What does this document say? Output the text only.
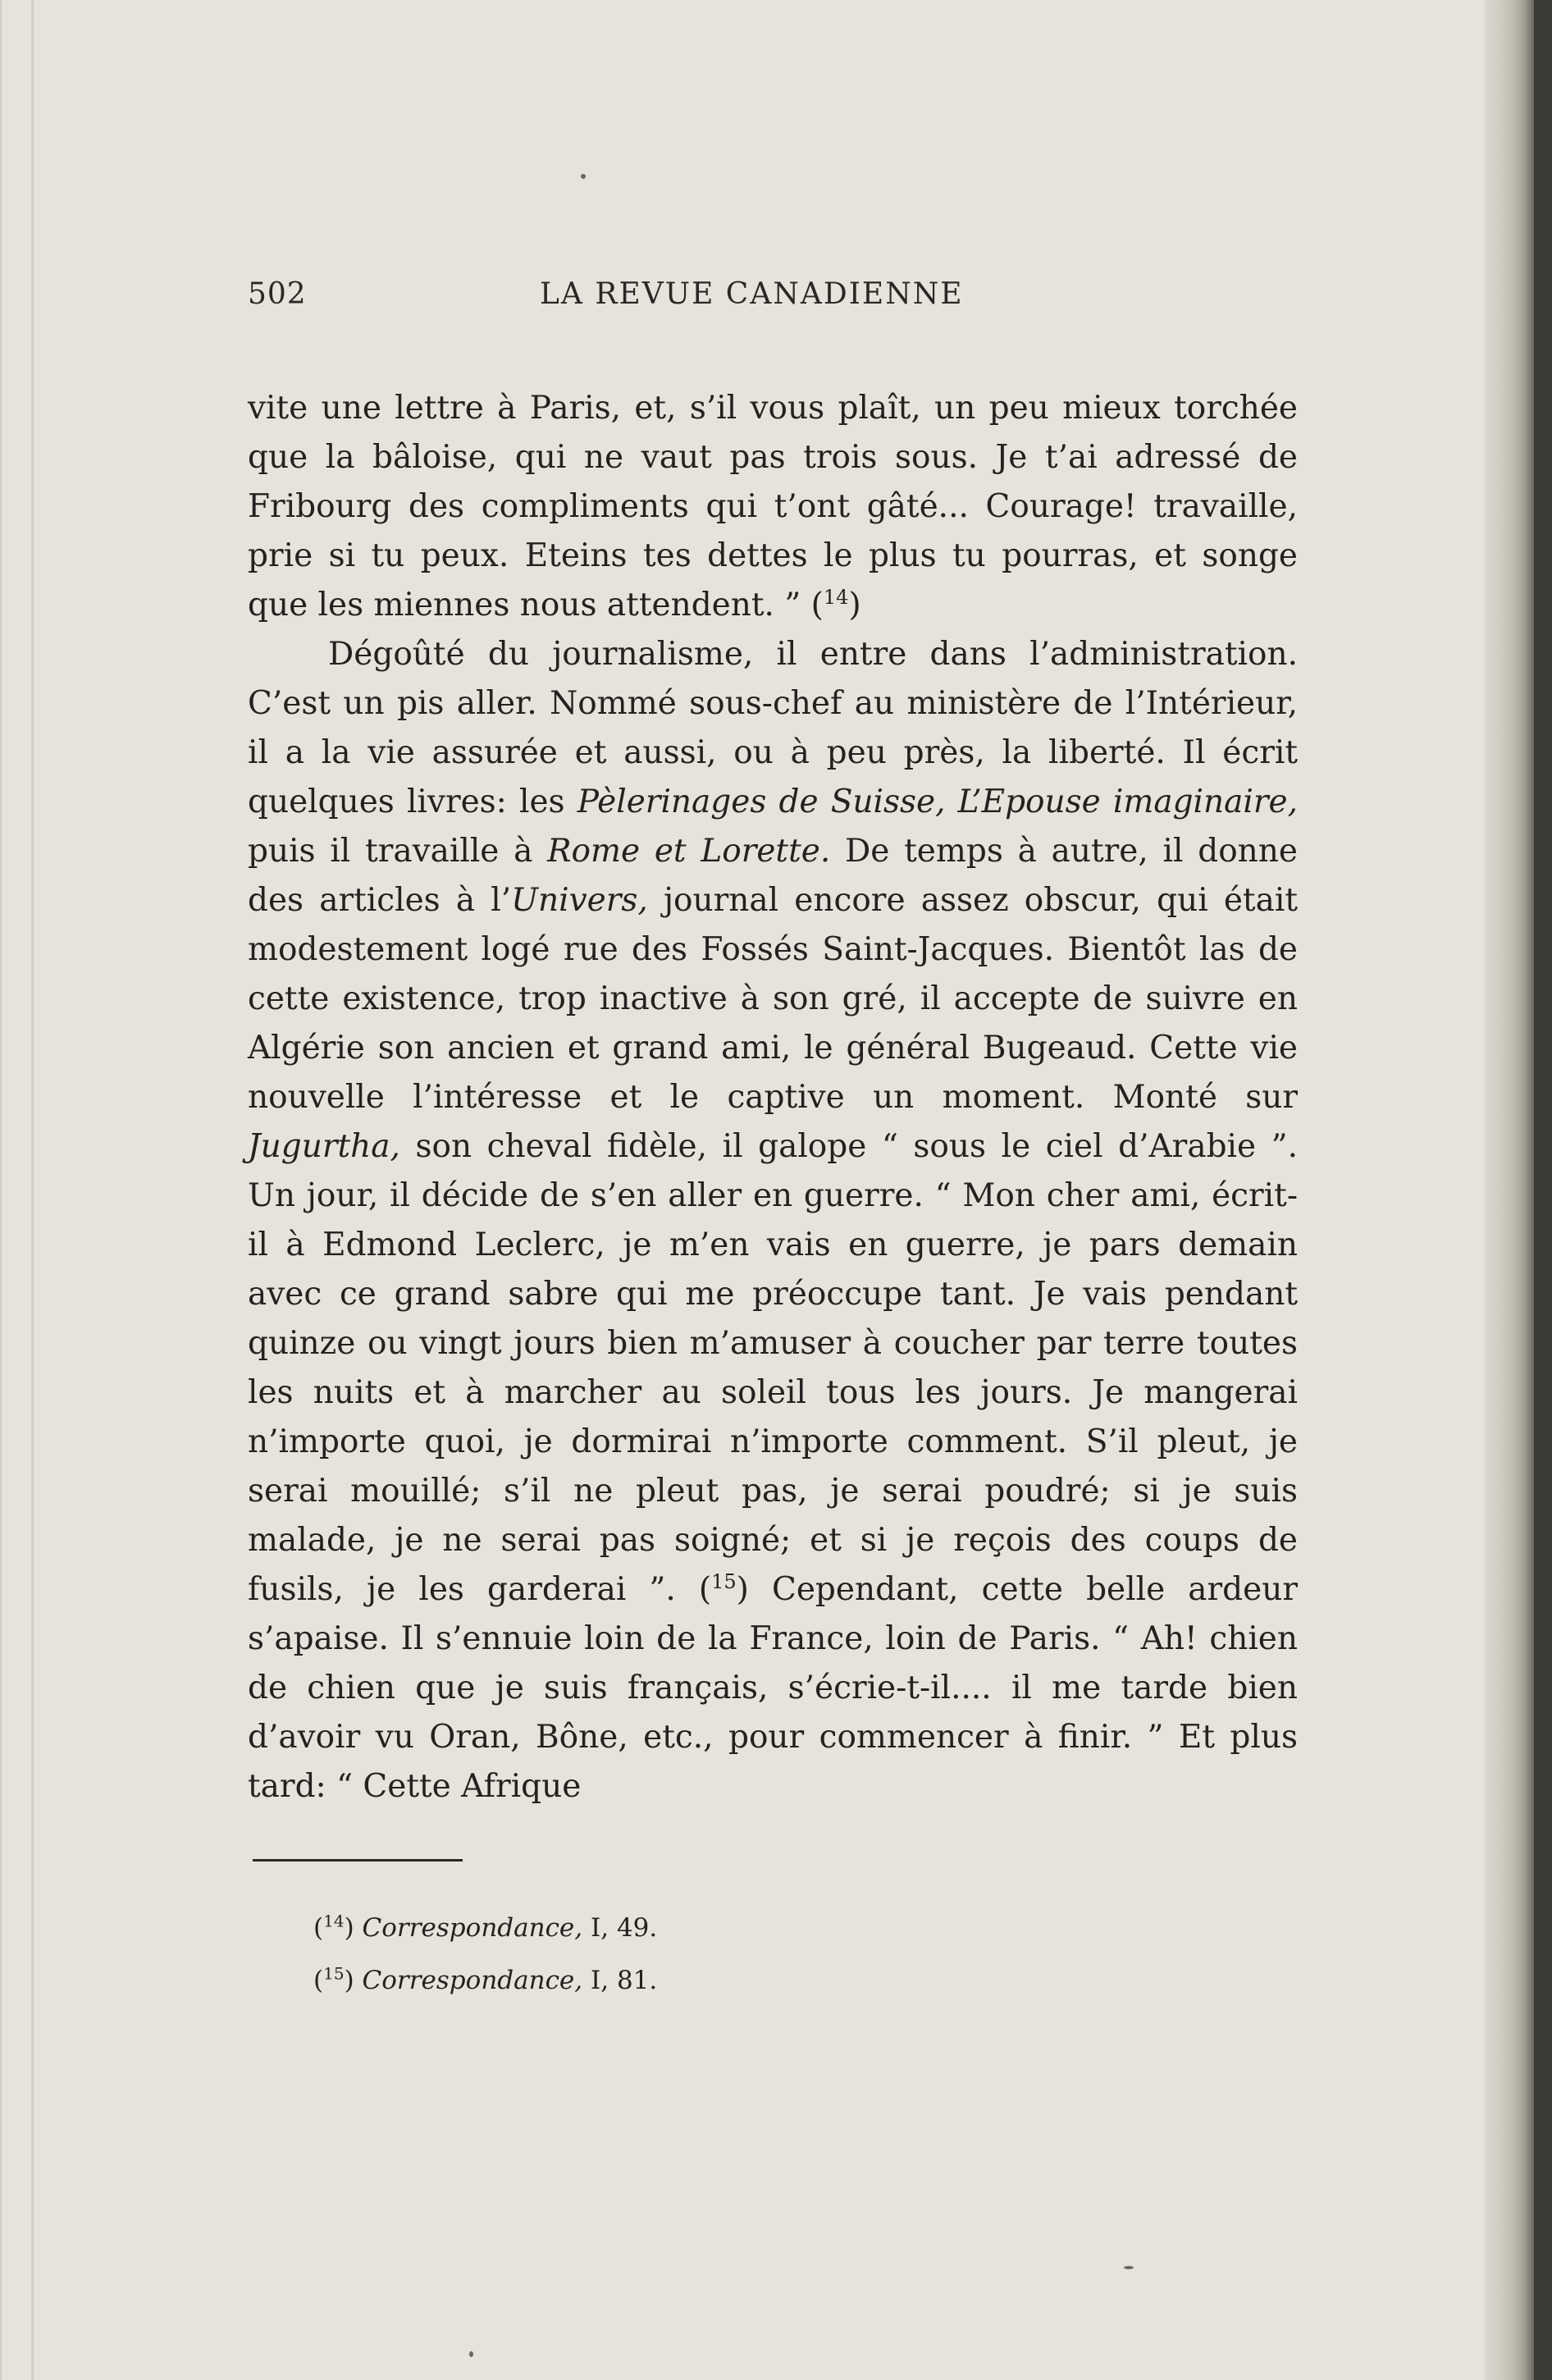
502	LA REVUE CANADIENNE

vite une lettre à Paris, et, s’il vous plaît, un peu mieux torchée que la bâloise, qui ne vaut pas trois sous. Je t’ai adressé de Fribourg des compliments qui t’ont gâté... Courage! travaille, prie si tu peux. Eteins tes dettes le plus tu pourras, et songe que les miennes nous attendent. ” ($^{14}$)

Dégoûté du journalisme, il entre dans l’administration. C’est un pis aller. Nommé sous-chef au ministère de l’Intérieur, il a la vie assurée et aussi, ou à peu près, la liberté. Il écrit quelques livres: les Pèlerinages de Suisse, L’Epouse imaginaire, puis il travaille à Rome et Lorette. De temps à autre, il donne des articles à l’Univers, journal encore assez obscur, qui était modestement logé rue des Fossés Saint-Jacques. Bientôt las de cette existence, trop inactive à son gré, il accepte de suivre en Algérie son ancien et grand ami, le général Bugeaud. Cette vie nouvelle l’intéresse et le captive un moment. Monté sur Jugurtha, son cheval fidèle, il galope “ sous le ciel d’Arabie ”. Un jour, il décide de s’en aller en guerre. “ Mon cher ami, écrit-il à Edmond Leclerc, je m’en vais en guerre, je pars demain avec ce grand sabre qui me préoccupe tant. Je vais pendant quinze ou vingt jours bien m’amuser à coucher par terre toutes les nuits et à marcher au soleil tous les jours. Je mangerai n’importe quoi, je dormirai n’importe comment. S’il pleut, je serai mouillé; s’il ne pleut pas, je serai poudré; si je suis malade, je ne serai pas soigné; et si je reçois des coups de fusils, je les garderai ”. ($^{15}$) Cependant, cette belle ardeur s’apaise. Il s’ennuie loin de la France, loin de Paris. “ Ah! chien de chien que je suis français, s’écrie-t-il.... il me tarde bien d’avoir vu Oran, Bône, etc., pour commencer à finir. ” Et plus tard: “ Cette Afrique

($^{14}$) Correspondance, I, 49.

($^{15}$) Correspondance, I, 81.
